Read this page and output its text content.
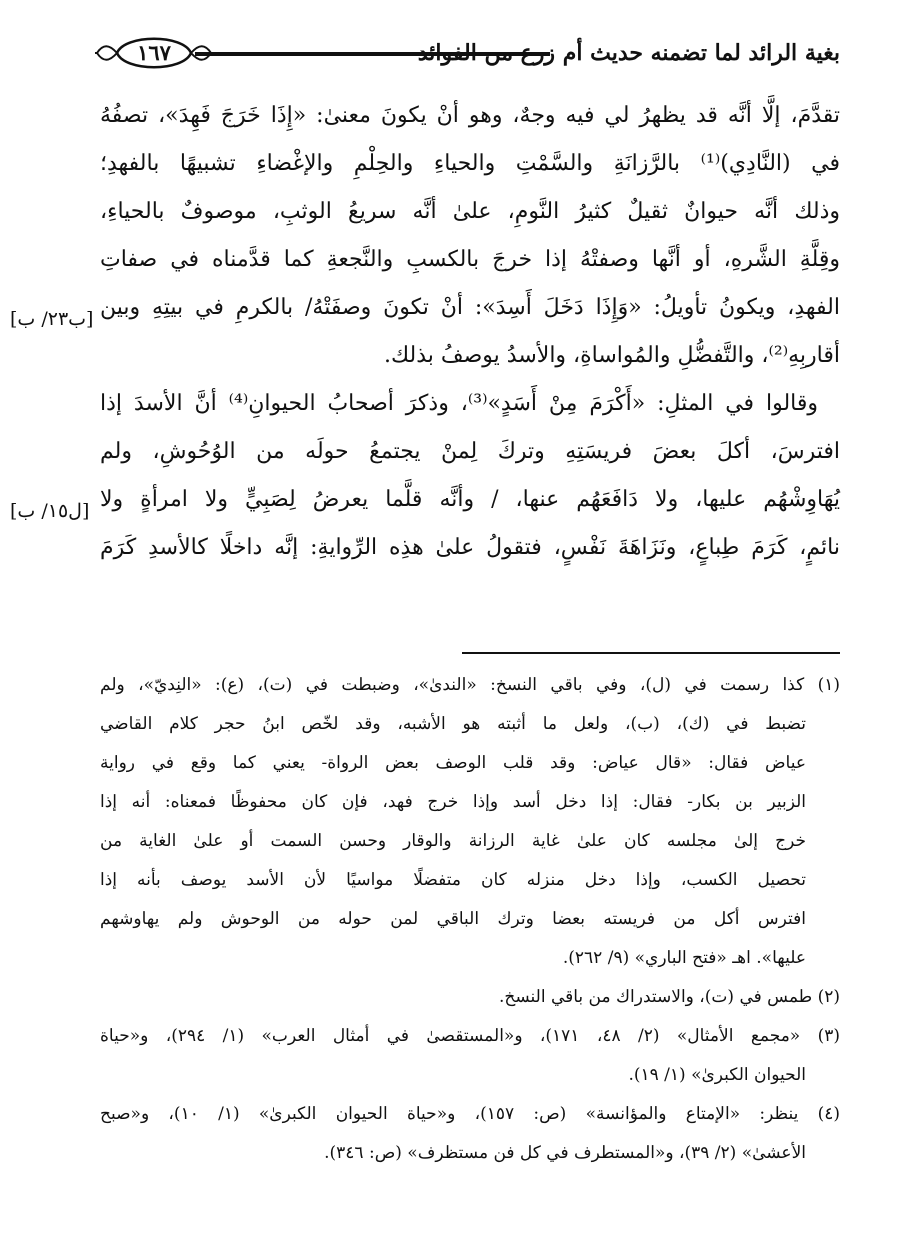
بغية الرائد لما تضمنه حديث أم زرع من الفوائد
١٦٧
تقدَّمَ، إلَّا أنَّه قد يظهرُ لي فيه وجهٌ، وهو أنْ يكونَ معنىٰ: «إِذَا خَرَجَ فَهِدَ»، تصفُهُ
في (النَّادِي)⁽¹⁾ بالرَّزانَةِ والسَّمْتِ والحياءِ والحِلْمِ والإغْضاءِ تشبيهًا بالفهدِ؛
وذلك أنَّه حيوانٌ ثقيلٌ كثيرُ النَّومِ، علىٰ أنَّه سريعُ الوثبِ، موصوفٌ بالحياءِ،
وقِلَّةِ الشَّرهِ، أو أنَّها وصفتْهُ إذا خرجَ بالكسبِ والنَّجعةِ كما قدَّمناه في صفاتِ
الفهدِ، ويكونُ تأويلُ: «وَإِذَا دَخَلَ أَسِدَ»: أنْ تكونَ وصفَتْهُ/ بالكرمِ في بيتِهِ وبين
أقاربِهِ⁽²⁾، والتَّفضُّلِ والمُواساةِ، والأسدُ يوصفُ بذلك.
وقالوا في المثلِ: «أَكْرَمَ مِنْ أَسَدٍ»⁽³⁾، وذكرَ أصحابُ الحيوانِ⁽⁴⁾ أنَّ الأسدَ إذا
افترسَ، أكلَ بعضَ فريسَتِهِ وتركَ لِمنْ يجتمعُ حولَه من الوُحُوشِ، ولم
يُهَاوِشْهُم عليها، ولا دَافَعَهُم عنها، / وأنَّه قلَّما يعرضُ لِصَبِيٍّ ولا امرأةٍ ولا
نائمٍ، كَرَمَ طِباعٍ، ونَزَاهَةَ نَفْسٍ، فتقولُ علىٰ هذِه الرِّوايةِ: إنَّه داخلًا كالأسدِ كَرَمَ
[ب٢٣/ ب]
[ل١٥/ ب]
(١) كذا رسمت في (ل)، وفي باقي النسخ: «الندىٰ»، وضبطت في (ت)، (ع): «النِديّ»، ولم
تضبط في (ك)، (ب)، ولعل ما أثبته هو الأشبه، وقد لخّص ابنُ حجر كلام القاضي
عياض فقال: «قال عياض: وقد قلب الوصف بعض الرواة- يعني كما وقع في رواية
الزبير بن بكار- فقال: إذا دخل أسد وإذا خرج فهد، فإن كان محفوظًا فمعناه: أنه إذا
خرج إلىٰ مجلسه كان علىٰ غاية الرزانة والوقار وحسن السمت أو علىٰ الغاية من
تحصيل الكسب، وإذا دخل منزله كان متفضلًا مواسيًا لأن الأسد يوصف بأنه إذا
افترس أكل من فريسته بعضا وترك الباقي لمن حوله من الوحوش ولم يهاوشهم
عليها». اهـ «فتح الباري» (٩/ ٢٦٢).
(٢) طمس في (ت)، والاستدراك من باقي النسخ.
(٣) «مجمع الأمثال» (٢/ ٤٨، ١٧١)، و«المستقصىٰ في أمثال العرب» (١/ ٢٩٤)، و«حياة
الحيوان الكبرىٰ» (١/ ١٩).
(٤) ينظر: «الإمتاع والمؤانسة» (ص: ١٥٧)، و«حياة الحيوان الكبرىٰ» (١/ ١٠)، و«صبح
الأعشىٰ» (٢/ ٣٩)، و«المستطرف في كل فن مستظرف» (ص: ٣٤٦).
